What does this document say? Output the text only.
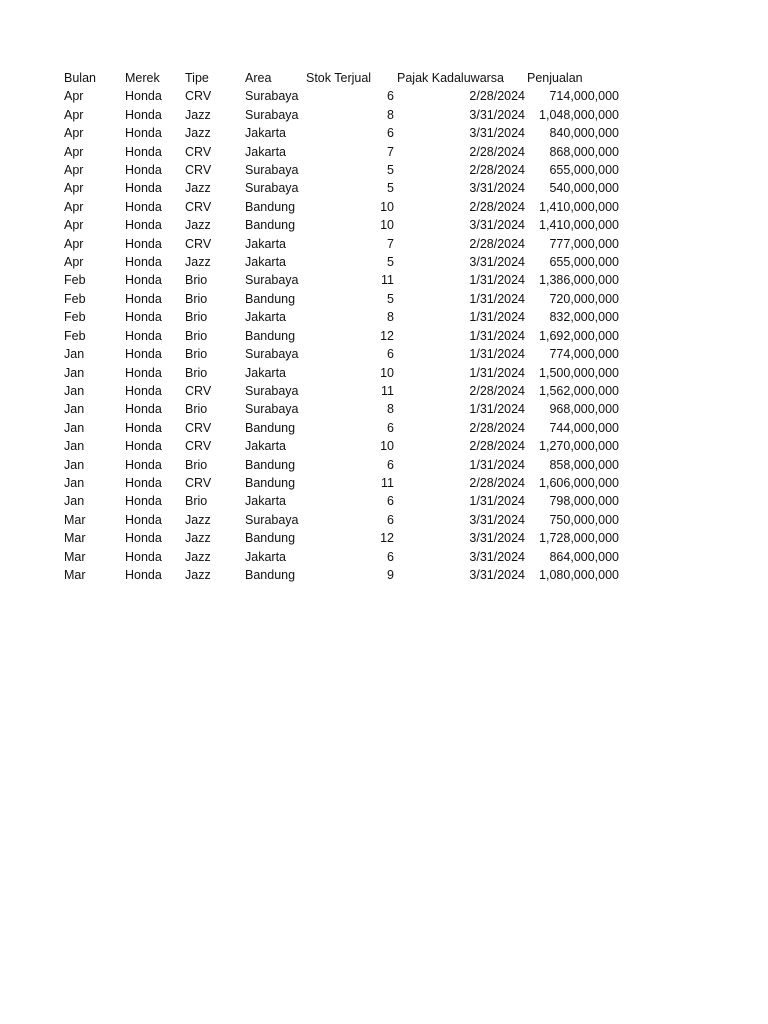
Bulan	Merek	Tipe	Area	Stok Terjual	Pajak Kadaluwarsa	Penjualan
Apr	Honda	CRV	Surabaya	6	2/28/2024	714,000,000
Apr	Honda	Jazz	Surabaya	8	3/31/2024	1,048,000,000
Apr	Honda	Jazz	Jakarta	6	3/31/2024	840,000,000
Apr	Honda	CRV	Jakarta	7	2/28/2024	868,000,000
Apr	Honda	CRV	Surabaya	5	2/28/2024	655,000,000
Apr	Honda	Jazz	Surabaya	5	3/31/2024	540,000,000
Apr	Honda	CRV	Bandung	10	2/28/2024	1,410,000,000
Apr	Honda	Jazz	Bandung	10	3/31/2024	1,410,000,000
Apr	Honda	CRV	Jakarta	7	2/28/2024	777,000,000
Apr	Honda	Jazz	Jakarta	5	3/31/2024	655,000,000
Feb	Honda	Brio	Surabaya	11	1/31/2024	1,386,000,000
Feb	Honda	Brio	Bandung	5	1/31/2024	720,000,000
Feb	Honda	Brio	Jakarta	8	1/31/2024	832,000,000
Feb	Honda	Brio	Bandung	12	1/31/2024	1,692,000,000
Jan	Honda	Brio	Surabaya	6	1/31/2024	774,000,000
Jan	Honda	Brio	Jakarta	10	1/31/2024	1,500,000,000
Jan	Honda	CRV	Surabaya	11	2/28/2024	1,562,000,000
Jan	Honda	Brio	Surabaya	8	1/31/2024	968,000,000
Jan	Honda	CRV	Bandung	6	2/28/2024	744,000,000
Jan	Honda	CRV	Jakarta	10	2/28/2024	1,270,000,000
Jan	Honda	Brio	Bandung	6	1/31/2024	858,000,000
Jan	Honda	CRV	Bandung	11	2/28/2024	1,606,000,000
Jan	Honda	Brio	Jakarta	6	1/31/2024	798,000,000
Mar	Honda	Jazz	Surabaya	6	3/31/2024	750,000,000
Mar	Honda	Jazz	Bandung	12	3/31/2024	1,728,000,000
Mar	Honda	Jazz	Jakarta	6	3/31/2024	864,000,000
Mar	Honda	Jazz	Bandung	9	3/31/2024	1,080,000,000
